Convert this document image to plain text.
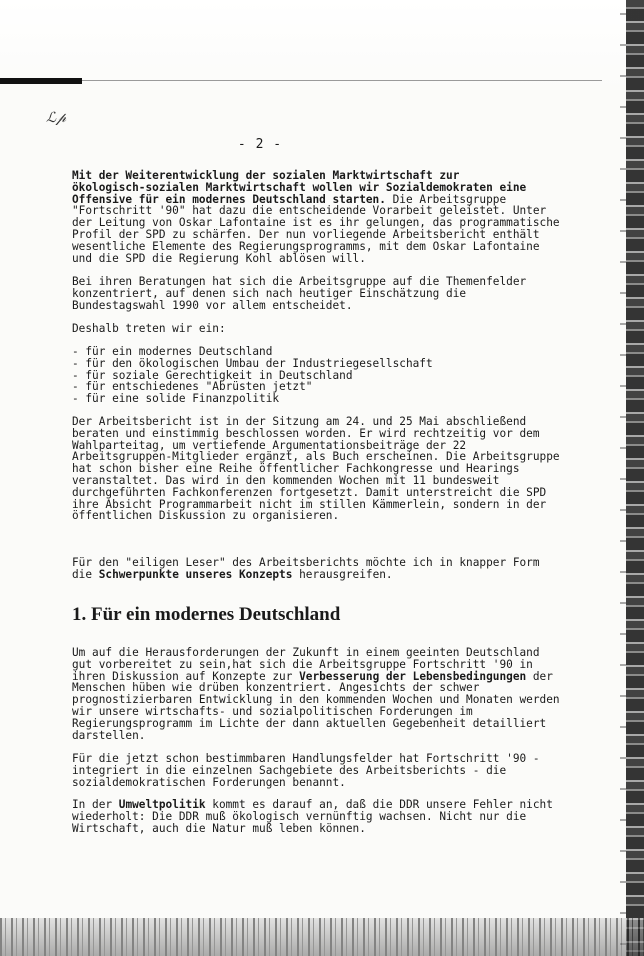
ℒ𝓅
- 2 -
Mit der Weiterentwicklung der sozialen Marktwirtschaft zur
ökologisch-sozialen Marktwirtschaft wollen wir Sozialdemokraten eine
Offensive für ein modernes Deutschland starten. Die Arbeitsgruppe
"Fortschritt '90" hat dazu die entscheidende Vorarbeit geleistet. Unter
der Leitung von Oskar Lafontaine ist es ihr gelungen, das programmatische
Profil der SPD zu schärfen. Der nun vorliegende Arbeitsbericht enthält
wesentliche Elemente des Regierungsprogramms, mit dem Oskar Lafontaine
und die SPD die Regierung Kohl ablösen will.
Bei ihren Beratungen hat sich die Arbeitsgruppe auf die Themenfelder
konzentriert, auf denen sich nach heutiger Einschätzung die
Bundestagswahl 1990 vor allem entscheidet.
Deshalb treten wir ein:
- für ein modernes Deutschland
- für den ökologischen Umbau der Industriegesellschaft
- für soziale Gerechtigkeit in Deutschland
- für entschiedenes "Abrüsten jetzt"
- für eine solide Finanzpolitik
Der Arbeitsbericht ist in der Sitzung am 24. und 25 Mai abschließend
beraten und einstimmig beschlossen worden. Er wird rechtzeitig vor dem
Wahlparteitag, um vertiefende Argumentationsbeiträge der 22
Arbeitsgruppen-Mitglieder ergänzt, als Buch erscheinen. Die Arbeitsgruppe
hat schon bisher eine Reihe öffentlicher Fachkongresse und Hearings
veranstaltet. Das wird in den kommenden Wochen mit 11 bundesweit
durchgeführten Fachkonferenzen fortgesetzt. Damit unterstreicht die SPD
ihre Absicht Programmarbeit nicht im stillen Kämmerlein, sondern in der
öffentlichen Diskussion zu organisieren.
Für den "eiligen Leser" des Arbeitsberichts möchte ich in knapper Form
die Schwerpunkte unseres Konzepts herausgreifen.
1. Für ein modernes Deutschland
Um auf die Herausforderungen der Zukunft in einem geeinten Deutschland
gut vorbereitet zu sein,hat sich die Arbeitsgruppe Fortschritt '90 in
ihren Diskussion auf Konzepte zur Verbesserung der Lebensbedingungen der
Menschen hüben wie drüben konzentriert. Angesichts der schwer
prognostizierbaren Entwicklung in den kommenden Wochen und Monaten werden
wir unsere wirtschafts- und sozialpolitischen Forderungen im
Regierungsprogramm im Lichte der dann aktuellen Gegebenheit detailliert
darstellen.
Für die jetzt schon bestimmbaren Handlungsfelder hat Fortschritt '90 -
integriert in die einzelnen Sachgebiete des Arbeitsberichts - die
sozialdemokratischen Forderungen benannt.
In der Umweltpolitik kommt es darauf an, daß die DDR unsere Fehler nicht
wiederholt: Die DDR muß ökologisch vernünftig wachsen. Nicht nur die
Wirtschaft, auch die Natur muß leben können.
